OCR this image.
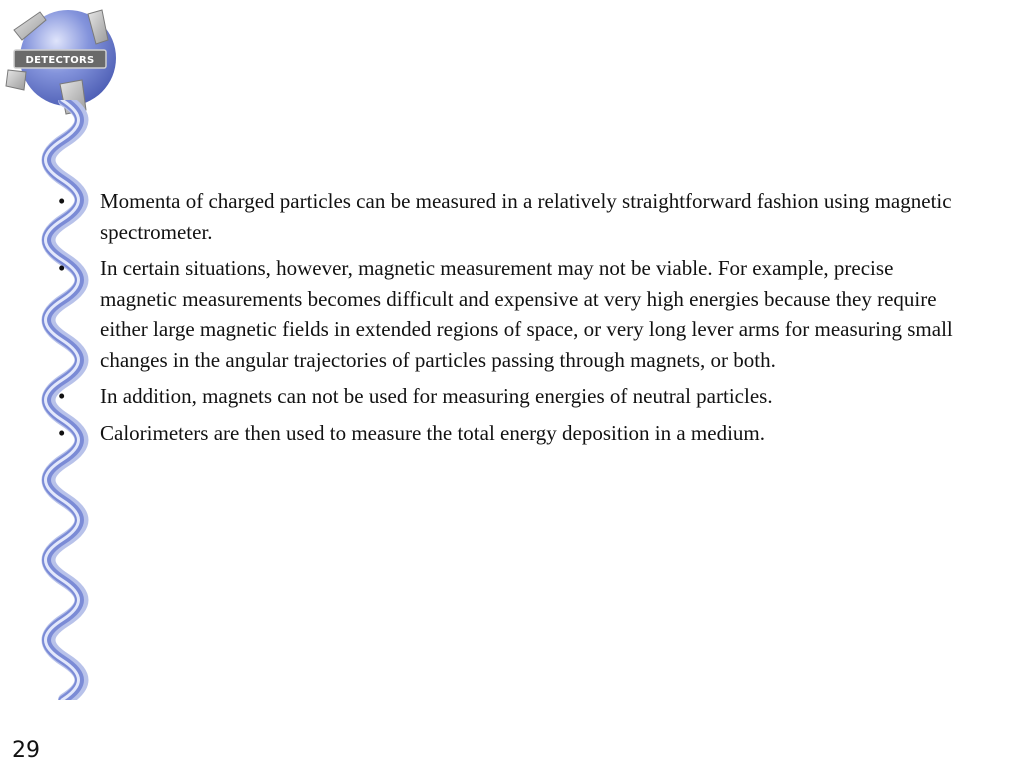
DETECTORS
• Momenta of charged particles can be measured in a relatively straightforward fashion using magnetic spectrometer.
• In certain situations, however, magnetic measurement may not be viable. For example, precise magnetic measurements becomes difficult and expensive at very high energies because they require either large magnetic fields in extended regions of space, or very long lever arms for measuring small changes in the angular trajectories of particles passing through magnets, or both.
• In addition, magnets can not be used for measuring energies of neutral particles.
• Calorimeters are then used to measure the total energy deposition in a medium.
29
